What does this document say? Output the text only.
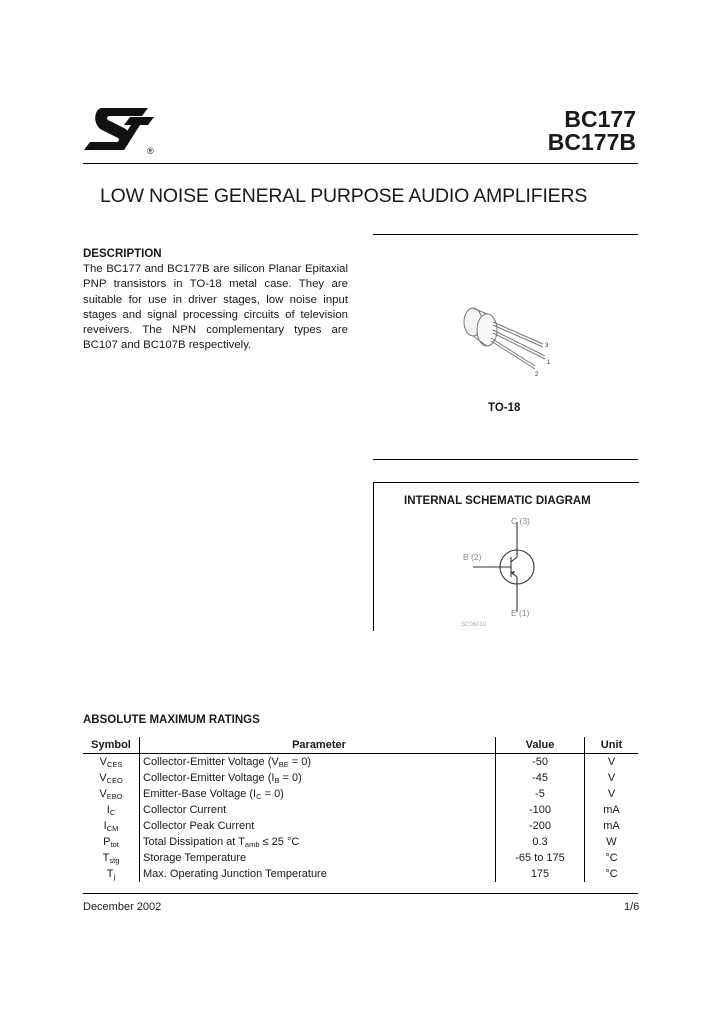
®
BC177
BC177B
LOW NOISE GENERAL PURPOSE AUDIO AMPLIFIERS
DESCRIPTION
The BC177 and BC177B are silicon Planar Epitaxial PNP transistors in TO-18 metal case. They are suitable for use in driver stages, low noise input stages and signal processing circuits of television reveivers. The NPN complementary types are BC107 and BC107B respectively.	3
1
2
TO-18
INTERNAL SCHEMATIC DIAGRAM
C (3)
B (2)
E (1)
SC06010
ABSOLUTE MAXIMUM RATINGS
Symbol	Parameter	Value	Unit
$V_{CES}$	Collector-Emitter Voltage $(V_{BE} = 0)$	-50	V
$V_{CEO}$	Collector-Emitter Voltage $(I_B = 0)$	-45	V
$V_{EBO}$	Emitter-Base Voltage $(I_C = 0)$	-5	V
$I_C$	Collector Current	-100	mA
$I_{CM}$	Collector Peak Current	-200	mA
$P_{tot}$	Total Dissipation at $T_{amb} \le 25$ °C	0.3	W
$T_{stg}$	Storage Temperature	-65 to 175	°C
$T_j$	Max. Operating Junction Temperature	175	°C
December 2002	1/6
